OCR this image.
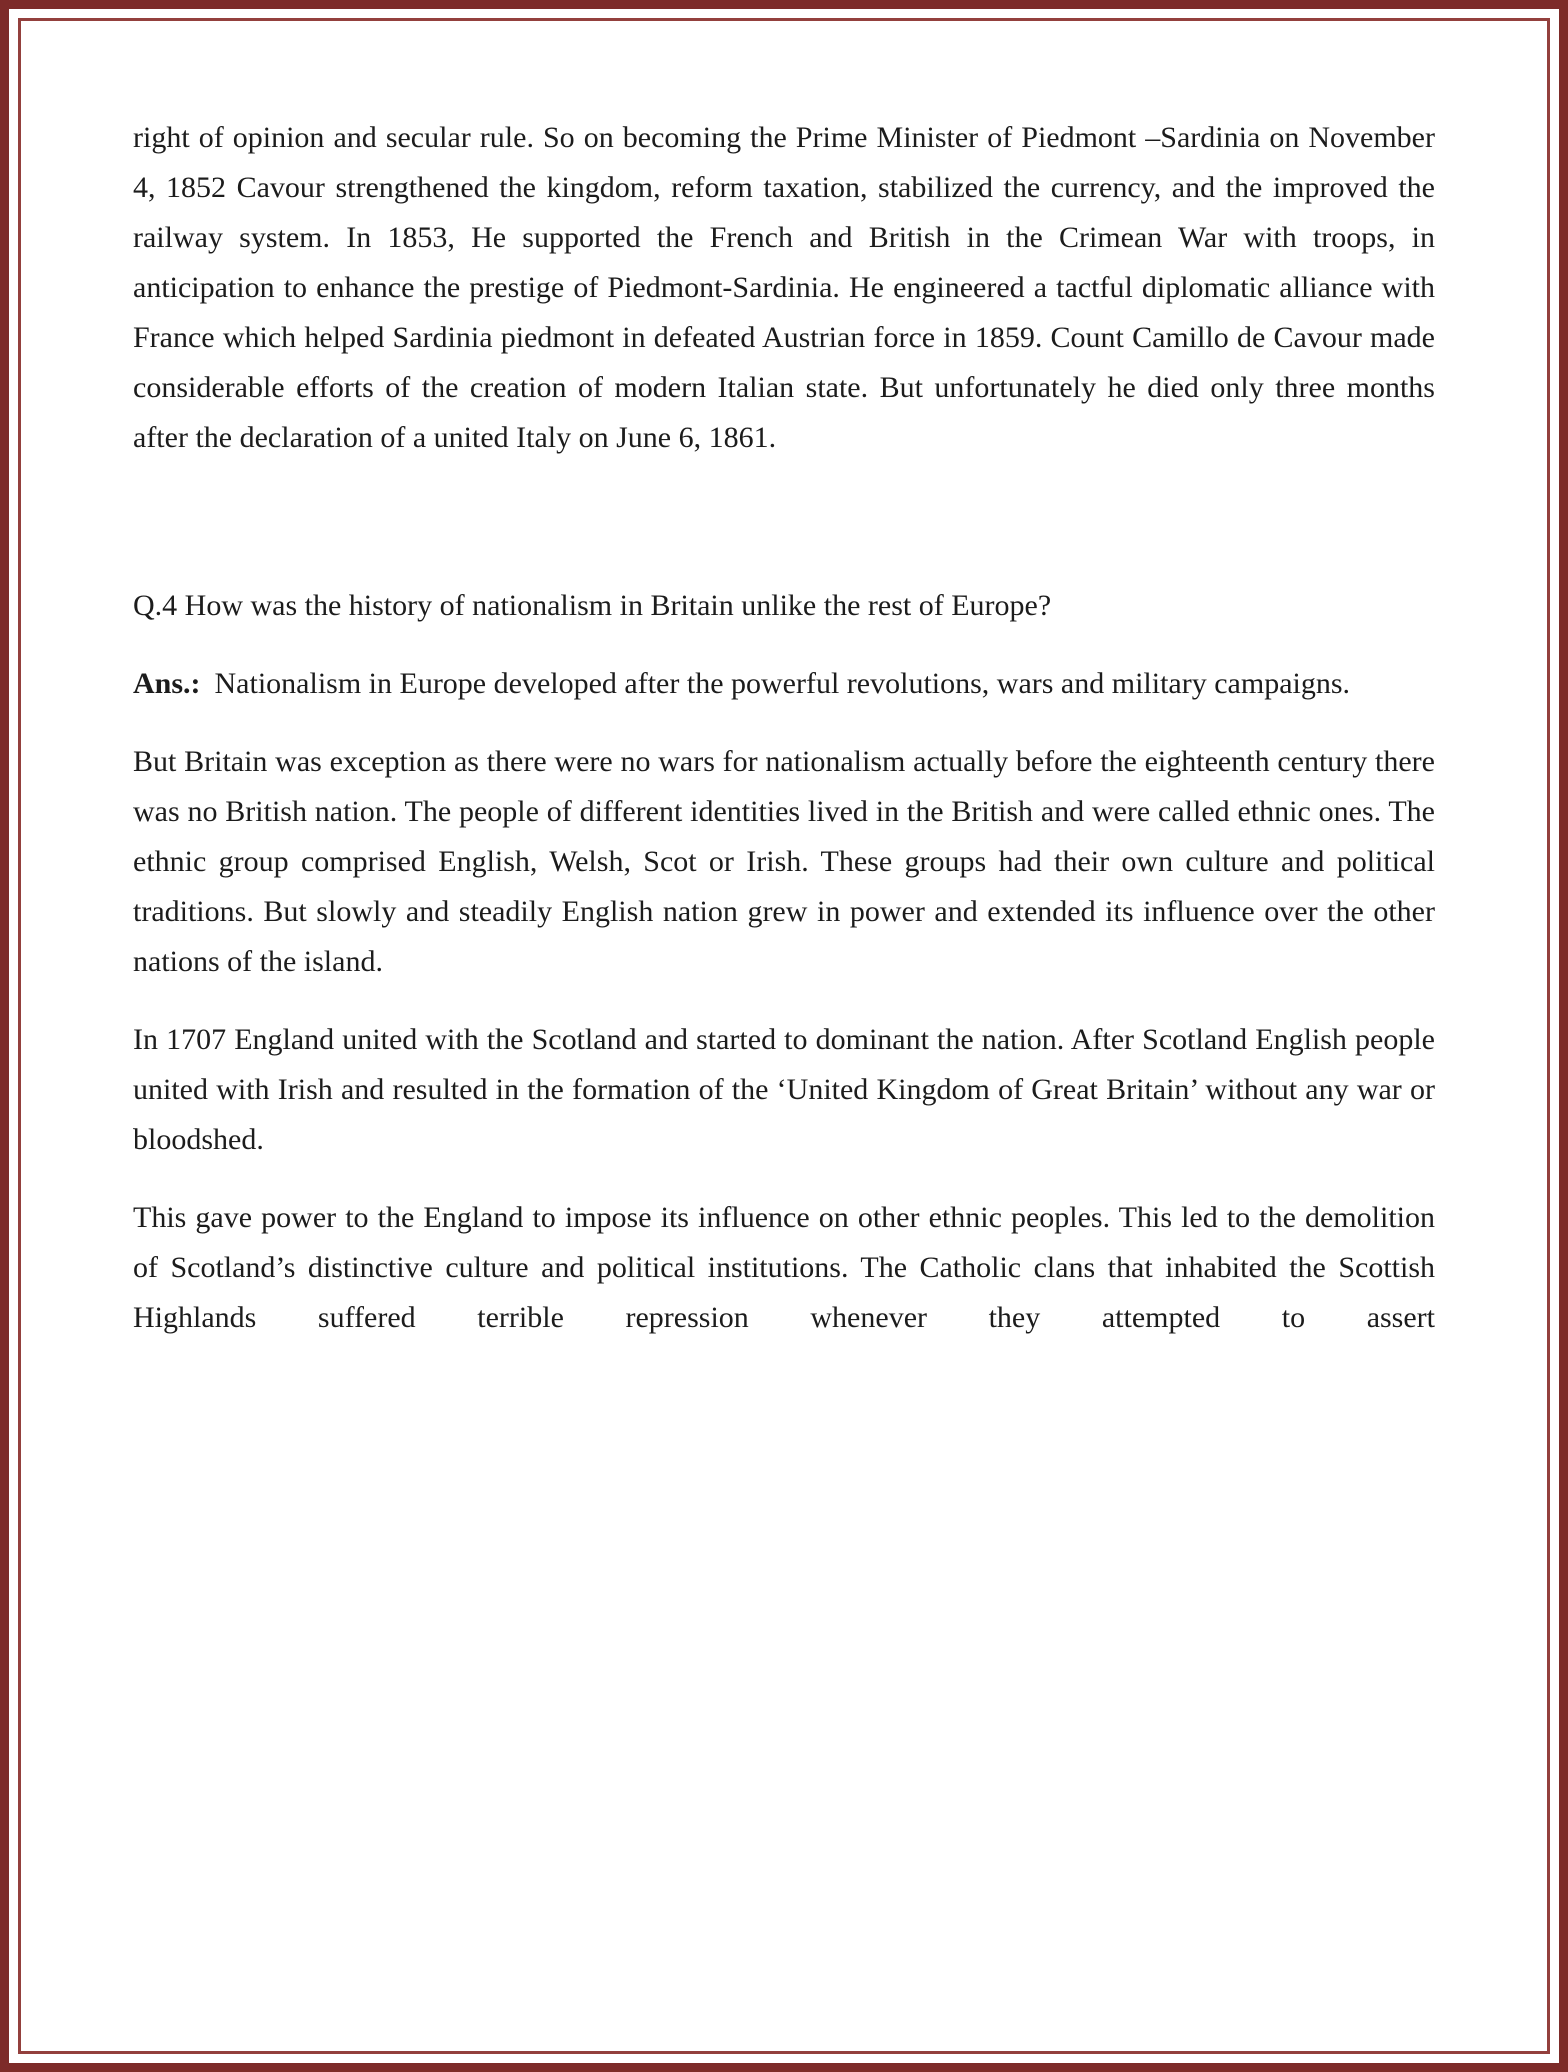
right of opinion and secular rule. So on becoming the Prime Minister of Piedmont –Sardinia on November 4, 1852 Cavour strengthened the kingdom, reform taxation, stabilized the currency, and the improved the railway system. In 1853, He supported the French and British in the Crimean War with troops, in anticipation to enhance the prestige of Piedmont-Sardinia. He engineered a tactful diplomatic alliance with France which helped Sardinia piedmont in defeated Austrian force in 1859. Count Camillo de Cavour made considerable efforts of the creation of modern Italian state. But unfortunately he died only three months after the declaration of a united Italy on June 6, 1861.

Q.4 How was the history of nationalism in Britain unlike the rest of Europe?

Ans.: Nationalism in Europe developed after the powerful revolutions, wars and military campaigns.

But Britain was exception as there were no wars for nationalism actually before the eighteenth century there was no British nation. The people of different identities lived in the British and were called ethnic ones. The ethnic group comprised English, Welsh, Scot or Irish. These groups had their own culture and political traditions. But slowly and steadily English nation grew in power and extended its influence over the other nations of the island.

In 1707 England united with the Scotland and started to dominant the nation. After Scotland English people united with Irish and resulted in the formation of the ‘United Kingdom of Great Britain’ without any war or bloodshed.

This gave power to the England to impose its influence on other ethnic peoples. This led to the demolition of Scotland’s distinctive culture and political institutions. The Catholic clans that inhabited the Scottish Highlands suffered terrible repression whenever they attempted to assert
